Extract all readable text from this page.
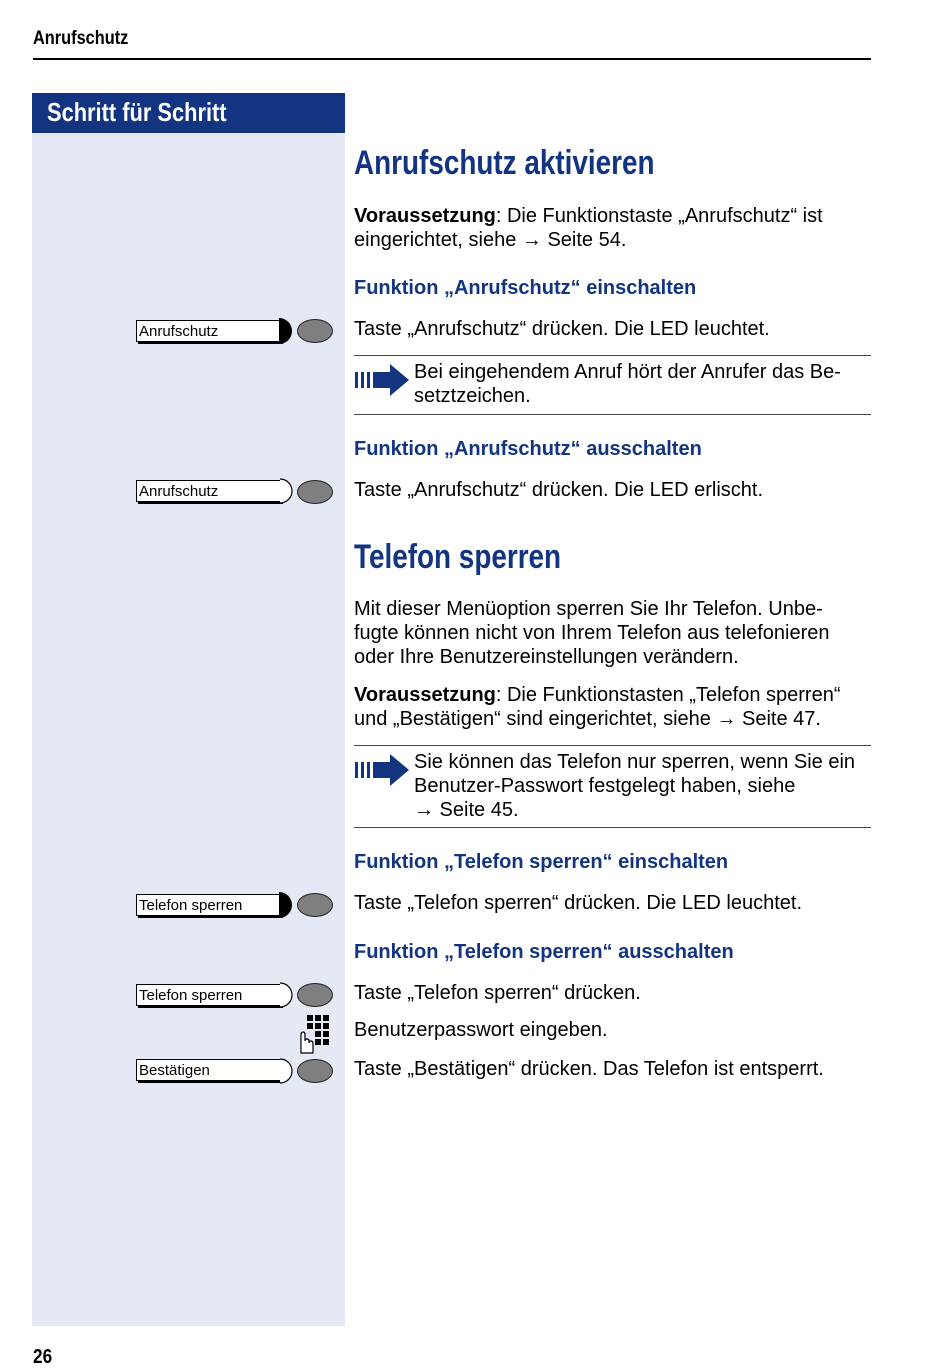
Anrufschutz
Schritt für Schritt
Anrufschutz aktivieren
Voraussetzung: Die Funktionstaste „Anrufschutz“ ist
eingerichtet, siehe → Seite 54.
Funktion „Anrufschutz“ einschalten
Anrufschutz	Taste „Anrufschutz“ drücken. Die LED leuchtet.
Bei eingehendem Anruf hört der Anrufer das Be-
setztzeichen.
Funktion „Anrufschutz“ ausschalten
Anrufschutz	Taste „Anrufschutz“ drücken. Die LED erlischt.
Telefon sperren
Mit dieser Menüoption sperren Sie Ihr Telefon. Unbe-
fugte können nicht von Ihrem Telefon aus telefonieren
oder Ihre Benutzereinstellungen verändern.
Voraussetzung: Die Funktionstasten „Telefon sperren“
und „Bestätigen“ sind eingerichtet, siehe → Seite 47.
Sie können das Telefon nur sperren, wenn Sie ein
Benutzer-Passwort festgelegt haben, siehe
→ Seite 45.
Funktion „Telefon sperren“ einschalten
Telefon sperren	Taste „Telefon sperren“ drücken. Die LED leuchtet.
Funktion „Telefon sperren“ ausschalten
Telefon sperren	Taste „Telefon sperren“ drücken.
Benutzerpasswort eingeben.
Bestätigen	Taste „Bestätigen“ drücken. Das Telefon ist entsperrt.
26
